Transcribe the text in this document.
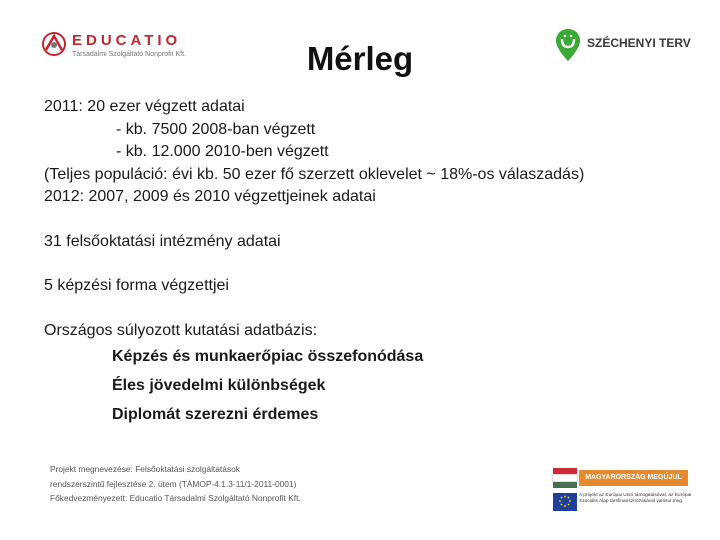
EDUCATIO
Társadalmi Szolgáltató Nonprofit Kft.
SZÉCHENYI TERV
Mérleg
2011: 20 ezer végzett adatai
- kb. 7500 2008-ban végzett
- kb. 12.000 2010-ben végzett
(Teljes populáció: évi kb. 50 ezer fő szerzett oklevelet ~ 18%-os válaszadás)
2012: 2007, 2009 és 2010 végzettjeinek adatai
31 felsőoktatási intézmény adatai
5 képzési forma végzettjei
Országos súlyozott kutatási adatbázis:
Képzés és munkaerőpiac összefonódása
Éles jövedelmi különbségek
Diplomát szerezni érdemes
Projekt megnevezése: Felsőoktatási szolgáltatások
rendszerszintű fejlesztése 2. ütem (TÁMOP-4.1.3-11/1-2011-0001)
Főkedvezményezett: Educatio Társadalmi Szolgáltató Nonprofit Kft.
MAGYARORSZÁG MEGÚJUL
A projekt az Európai Unió támogatásával, az Európai Szociális Alap társfinanszírozásával valósul meg.
